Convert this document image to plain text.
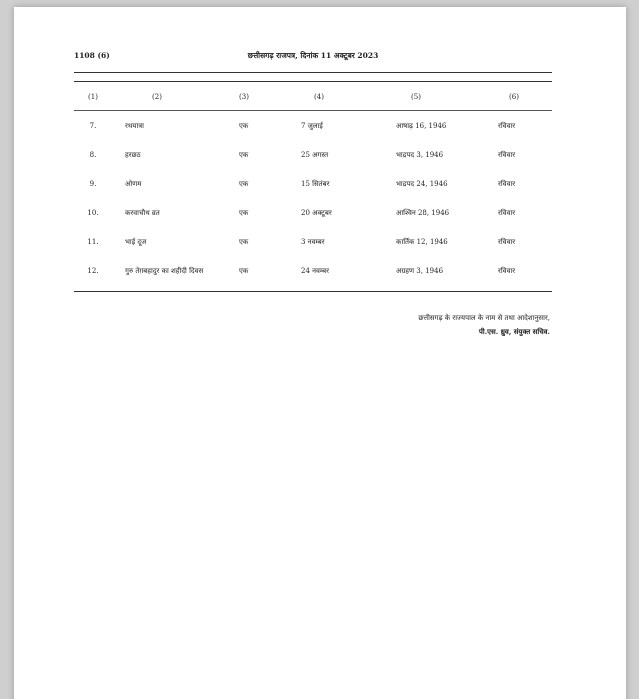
1108 (6)	छत्तीसगढ़ राजपत्र, दिनांक 11 अक्टूबर 2023
(1)	(2)	(3)	(4)	(5)	(6)
7.	रथयात्रा	एक	7 जुलाई	आषाढ़ 16, 1946	रविवार
8.	हरछठ	एक	25 अगस्त	भाद्रपद 3, 1946	रविवार
9.	ओणम	एक	15 सितंबर	भाद्रपद 24, 1946	रविवार
10.	करवाचौथ व्रत	एक	20 अक्टूबर	आश्विन 28, 1946	रविवार
11.	भाई दूज	एक	3 नवम्बर	कार्तिक 12, 1946	रविवार
12.	गुरु तेग़बहादुर का शहीदी दिवस	एक	24 नवम्बर	अग्रहण 3, 1946	रविवार
छत्तीसगढ़ के राज्यपाल के नाम से तथा आदेशानुसार,
पी.एस. ध्रुव, संयुक्त सचिव.
